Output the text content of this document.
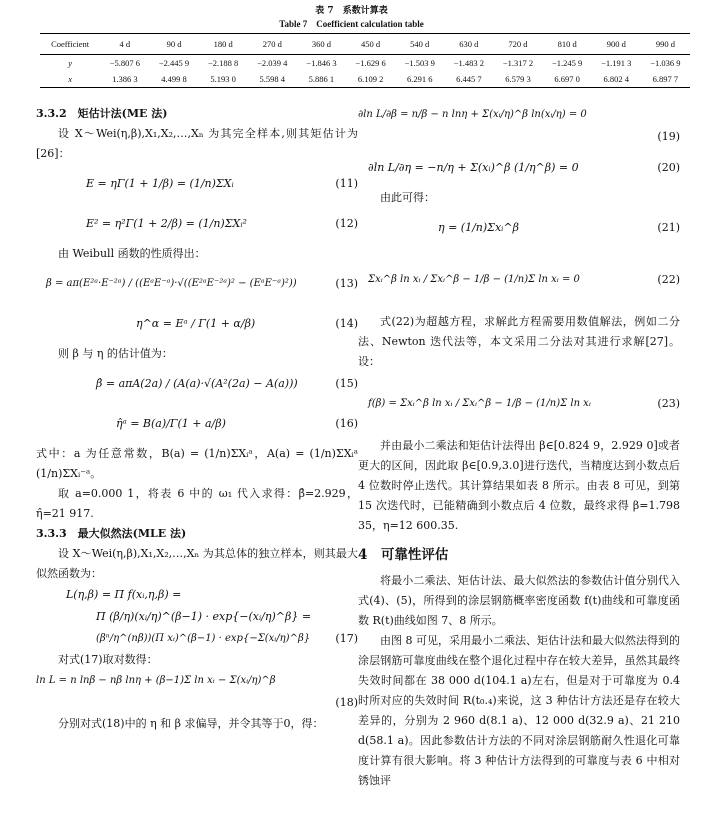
表 7　系数计算表
Table 7　Coefficient calculation table
Coefficient	4 d	90 d	180 d	270 d	360 d	450 d	540 d	630 d	720 d	810 d	900 d	990 d
y	−5.807 6	−2.445 9	−2.188 8	−2.039 4	−1.846 3	−1.629 6	−1.503 9	−1.483 2	−1.317 2	−1.245 9	−1.191 3	−1.036 9
x	1.386 3	4.499 8	5.193 0	5.598 4	5.886 1	6.109 2	6.291 6	6.445 7	6.579 3	6.697 0	6.802 4	6.897 7

3.3.2　矩估计法(ME 法)

设 X～Wei(η,β),X₁,X₂,…,Xₙ 为其完全样本,则其矩估计为[26]：

E = ηΓ(1 + 1/β) = (1/n)ΣXᵢ	(11)
E² = η²Γ(1 + 2/β) = (1/n)ΣXᵢ²	(12)

由 Weibull 函数的性质得出：

β = aπ(E²ᵃ·E⁻²ᵃ) / ((EᵃE⁻ᵃ)·√((E²ᵃE⁻²ᵃ)² − (EᵃE⁻ᵃ)²))	(13)
η^α = Eᵃ / Γ(1 + α/β)	(14)

则 β 与 η 的估计值为：

β̂ = aπA(2a) / (A(a)·√(A²(2a) − A(a)))	(15)
η̂ᵃ = B(a)/Γ(1 + a/β)	(16)

式中：a 为任意常数，B(a) = (1/n)ΣXᵢᵃ，A(a) = (1/n)ΣXᵢᵃ (1/n)ΣXᵢ⁻ᵃ。

取 a=0.000 1，将表 6 中的 ω₁ 代入求得：β̂=2.929，η̂=21 917.

3.3.3　最大似然法(MLE 法)

设 X～Wei(η,β),X₁,X₂,…,Xₙ 为其总体的独立样本，则其最大似然函数为：

L(η,β) = Π f(xᵢ,η,β) =
Π (β/η)(xᵢ/η)^(β−1) · exp{−(xᵢ/η)^β} =
(βⁿ/η^(nβ))(Π xᵢ)^(β−1) · exp{−Σ(xᵢ/η)^β} (17)

对式(17)取对数得：

ln L = n lnβ − nβ lnη + (β−1)Σ ln xᵢ − Σ(xᵢ/η)^β
(18)

分别对式(18)中的 η 和 β 求偏导，并令其等于0，得：

∂ln L/∂β = n/β − n lnη + Σ(xᵢ/η)^β ln(xᵢ/η) = 0
(19)
∂ln L/∂η = −n/η + Σ(xᵢ)^β (1/η^β) = 0	(20)

由此可得：

η = (1/n)Σxᵢ^β	(21)
Σxᵢ^β ln xᵢ / Σxᵢ^β − 1/β − (1/n)Σ ln xᵢ = 0	(22)

式(22)为超越方程，求解此方程需要用数值解法，例如二分法、Newton 迭代法等，本文采用二分法对其进行求解[27]。设：

f(β) = Σxᵢ^β ln xᵢ / Σxᵢ^β − 1/β − (1/n)Σ ln xᵢ	(23)

并由最小二乘法和矩估计法得出 β∈[0.824 9，2.929 0]或者更大的区间，因此取 β∈[0.9,3.0]进行迭代，当精度达到小数点后 4 位数时停止迭代。其计算结果如表 8 所示。由表 8 可见，到第 15 次迭代时，已能精确到小数点后 4 位数，最终求得 β=1.798 35，η=12 600.35.

4　可靠性评估

将最小二乘法、矩估计法、最大似然法的参数估计值分别代入式(4)、(5)，所得到的涂层钢筋概率密度函数 f(t)曲线和可靠度函数 R(t)曲线如图 7、8 所示。

由图 8 可见，采用最小二乘法、矩估计法和最大似然法得到的涂层钢筋可靠度曲线在整个退化过程中存在较大差异，虽然其最终失效时间都在 38 000 d(104.1 a)左右，但是对于可靠度为 0.4 时所对应的失效时间 R(t₀.₄)来说，这 3 种估计方法还是存在较大差异的，分别为 2 960 d(8.1 a)、12 000 d(32.9 a)、21 210 d(58.1 a)。因此参数估计方法的不同对涂层钢筋耐久性退化可靠度计算有很大影响。将 3 种估计方法得到的可靠度与表 6 中相对锈蚀评
